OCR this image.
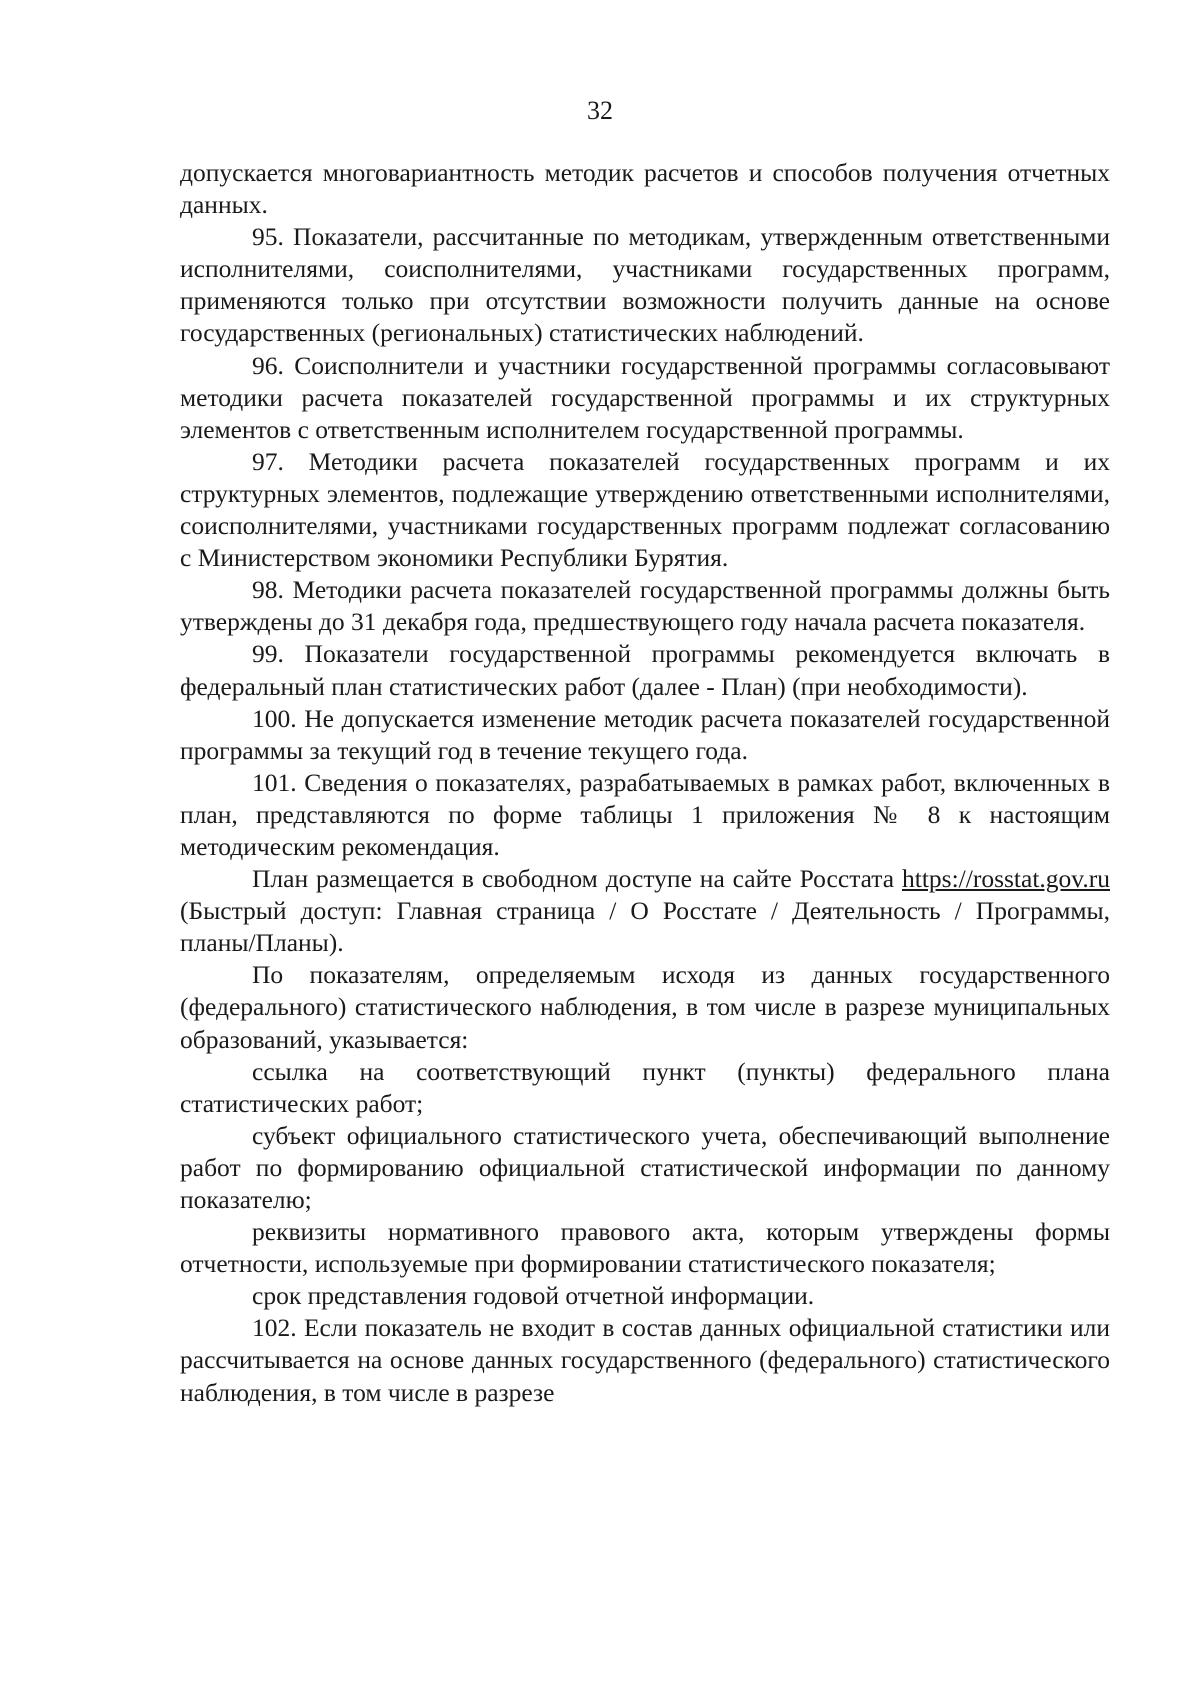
32

допускается многовариантность методик расчетов и способов получения отчетных данных.

95. Показатели, рассчитанные по методикам, утвержденным ответственными исполнителями, соисполнителями, участниками государственных программ, применяются только при отсутствии возможности получить данные на основе государственных (региональных) статистических наблюдений.

96. Соисполнители и участники государственной программы согласовывают методики расчета показателей государственной программы и их структурных элементов с ответственным исполнителем государственной программы.

97. Методики расчета показателей государственных программ и их структурных элементов, подлежащие утверждению ответственными исполнителями, соисполнителями, участниками государственных программ подлежат согласованию с Министерством экономики Республики Бурятия.

98. Методики расчета показателей государственной программы должны быть утверждены до 31 декабря года, предшествующего году начала расчета показателя.

99. Показатели государственной программы рекомендуется включать в федеральный план статистических работ (далее - План) (при необходимости).

100. Не допускается изменение методик расчета показателей государственной программы за текущий год в течение текущего года.

101. Сведения о показателях, разрабатываемых в рамках работ, включенных в план, представляются по форме таблицы 1 приложения № 8 к настоящим методическим рекомендация.

План размещается в свободном доступе на сайте Росстата https://rosstat.gov.ru (Быстрый доступ: Главная страница / О Росстате / Деятельность / Программы, планы/Планы).

По показателям, определяемым исходя из данных государственного (федерального) статистического наблюдения, в том числе в разрезе муниципальных образований, указывается:

ссылка на соответствующий пункт (пункты) федерального плана статистических работ;

субъект официального статистического учета, обеспечивающий выполнение работ по формированию официальной статистической информации по данному показателю;

реквизиты нормативного правового акта, которым утверждены формы отчетности, используемые при формировании статистического показателя;

срок представления годовой отчетной информации.

102. Если показатель не входит в состав данных официальной статистики или рассчитывается на основе данных государственного (федерального) статистического наблюдения, в том числе в разрезе
